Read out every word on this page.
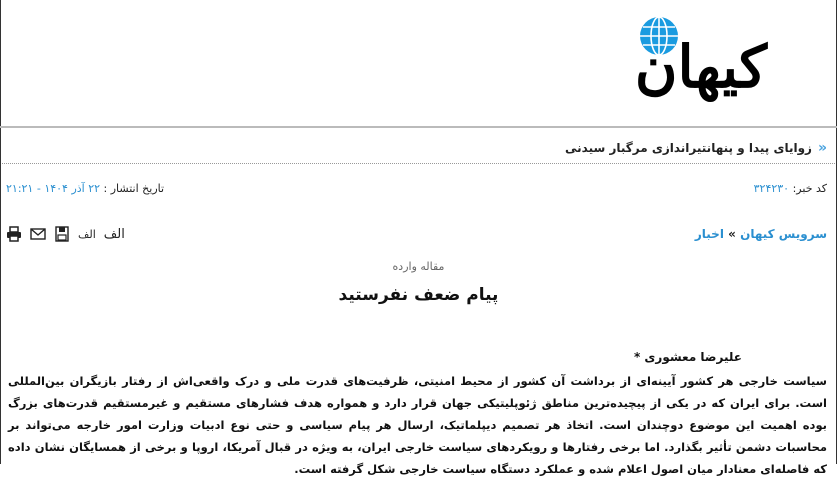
کیهان
«
زوایای پیدا و پنهانتیراندازی مرگبار سیدنی
کد خبر: ۳۲۴۲۳۰
تاریخ انتشار : ۲۲ آذر ۱۴۰۴ - ۲۱:۲۱
سرویس کیهان » اخبار
الف الف
مقاله وارده
پیام ضعف نفرستید
علیرضا معشوری *
سیاست خارجی هر کشور آیینه‌ای از برداشت آن کشور از محیط امنیتی، ظرفیت‌های قدرت ملی و درک واقعی‌اش از رفتار بازیگران بین‌المللی است. برای ایران که در یکی از پیچیده‌ترین مناطق ژئوپلیتیکی جهان قرار دارد و همواره هدف فشارهای مستقیم و غیرمستقیم قدرت‌های بزرگ بوده اهمیت این موضوع دوچندان است. اتخاذ هر تصمیم دیپلماتیک، ارسال هر پیام سیاسی و حتی نوع ادبیات وزارت امور خارجه می‌تواند بر محاسبات دشمن تأثیر بگذارد. اما برخی رفتارها و رویکردهای سیاست خارجی ایران، به ویژه در قبال آمریکا، اروپا و برخی از همسایگان نشان داده که فاصله‌ای معنادار میان اصول اعلام شده و عملکرد دستگاه سیاست خارجی شکل گرفته است.
